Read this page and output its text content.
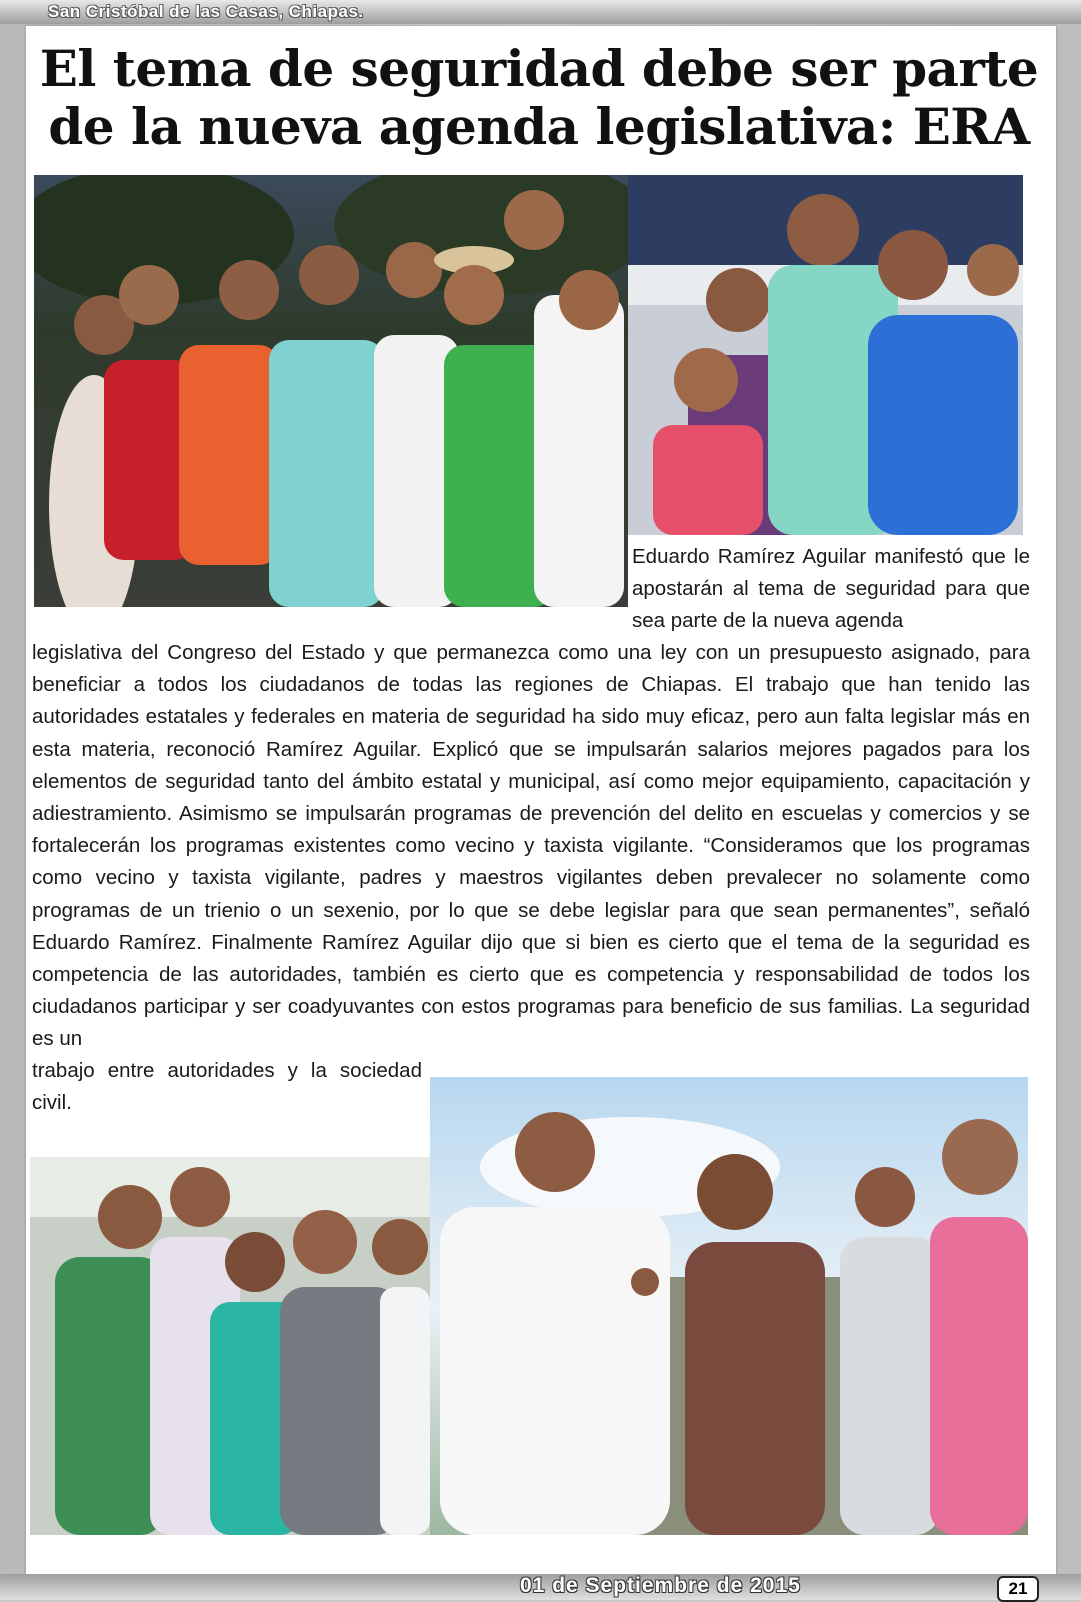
San Cristóbal de las Casas, Chiapas.
El tema de seguridad debe ser parte
de la nueva agenda legislativa: ERA

Eduardo Ramírez Aguilar manifestó que le apostarán al tema de seguridad para que sea parte de la nueva agenda

legislativa del Congreso del Estado y que permanezca como una ley con un presupuesto asignado, para beneficiar a todos los ciudadanos de todas las regiones de Chiapas. El trabajo que han tenido las autoridades estatales y federales en materia de seguridad ha sido muy eficaz, pero aun falta legislar más en esta materia, reconoció Ramírez Aguilar. Explicó que se impulsarán salarios mejores pagados para los elementos de seguridad tanto del ámbito estatal y municipal, así como mejor equipamiento, capacitación y adiestramiento. Asimismo se impulsarán programas de prevención del delito en escuelas y comercios y se fortalecerán los programas existentes como vecino y taxista vigilante. “Consideramos que los programas como vecino y taxista vigilante, padres y maestros vigilantes deben prevalecer no solamente como programas de un trienio o un sexenio, por lo que se debe legislar para que sean permanentes”, señaló Eduardo Ramírez. Finalmente Ramírez Aguilar dijo que si bien es cierto que el tema de la seguridad es competencia de las autoridades, también es cierto que es competencia y responsabilidad de todos los ciudadanos participar y ser coadyuvantes con estos programas para beneficio de sus familias. La seguridad es un

trabajo entre autoridades y la sociedad civil.

01 de Septiembre de 2015	21
